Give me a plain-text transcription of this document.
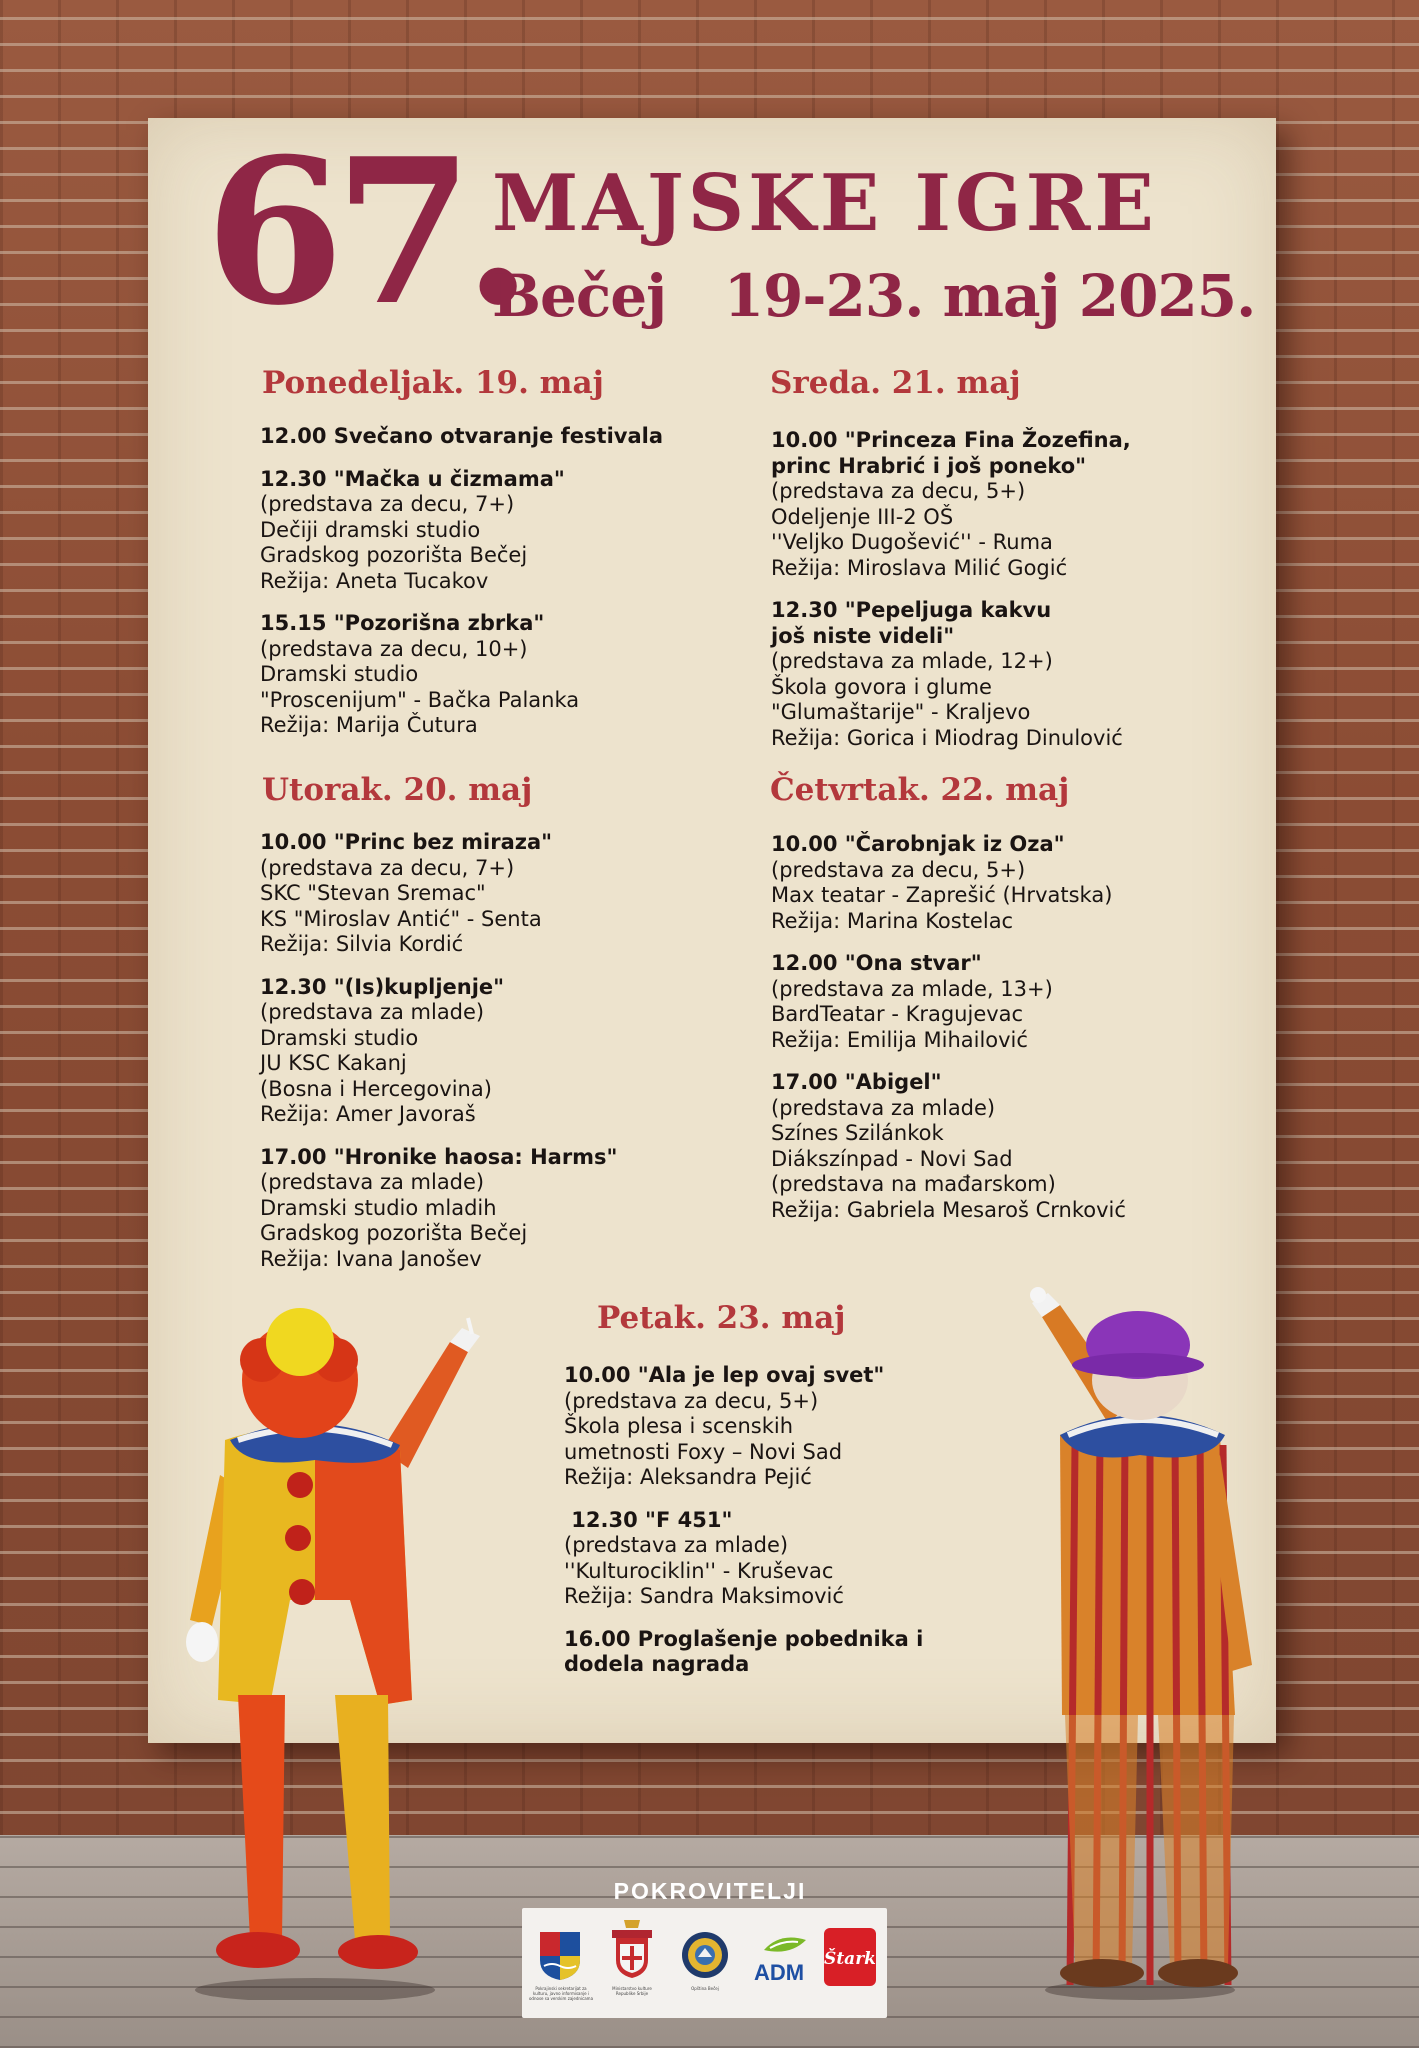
67.
MAJSKE IGRE
Bečej   19-23. maj 2025.
Ponedeljak. 19. maj
Utorak. 20. maj
Sreda. 21. maj
Četvrtak. 22. maj
Petak. 23. maj
12.00 Svečano otvaranje festivala
12.30 "Mačka u čizmama"
(predstava za decu, 7+)
Dečiji dramski studio
Gradskog pozorišta Bečej
Režija: Aneta Tucakov
15.15 "Pozorišna zbrka"
(predstava za decu, 10+)
Dramski studio
"Proscenijum" - Bačka Palanka
Režija: Marija Čutura
10.00 "Princ bez miraza"
(predstava za decu, 7+)
SKC "Stevan Sremac"
KS "Miroslav Antić" - Senta
Režija: Silvia Kordić
12.30 "(Is)kupljenje"
(predstava za mlade)
Dramski studio
JU KSC Kakanj
(Bosna i Hercegovina)
Režija: Amer Javoraš
17.00 "Hronike haosa: Harms"
(predstava za mlade)
Dramski studio mladih
Gradskog pozorišta Bečej
Režija: Ivana Janošev
10.00 "Princeza Fina Žozefina,
princ Hrabrić i još poneko"
(predstava za decu, 5+)
Odeljenje III-2 OŠ
''Veljko Dugošević'' - Ruma
Režija: Miroslava Milić Gogić
12.30 "Pepeljuga kakvu
još niste videli"
(predstava za mlade, 12+)
Škola govora i glume
"Glumaštarije" - Kraljevo
Režija: Gorica i Miodrag Dinulović
10.00 "Čarobnjak iz Oza"
(predstava za decu, 5+)
Max teatar - Zaprešić (Hrvatska)
Režija: Marina Kostelac
12.00 "Ona stvar"
(predstava za mlade, 13+)
BardTeatar - Kragujevac
Režija: Emilija Mihailović
17.00 "Abigel"
(predstava za mlade)
Színes Szilánkok
Diákszínpad - Novi Sad
(predstava na mađarskom)
Režija: Gabriela Mesaroš Crnković
10.00 "Ala je lep ovaj svet"
(predstava za decu, 5+)
Škola plesa i scenskih
umetnosti Foxy – Novi Sad
Režija: Aleksandra Pejić
12.30 "F 451"
(predstava za mlade)
''Kulturociklin'' - Kruševac
Režija: Sandra Maksimović
16.00 Proglašenje pobednika i
dodela nagrada
POKROVITELJI
Pokrajinski sekretarijat za kulturu, javno informisanje i odnose sa verskim zajednicama
Ministarstvo kulture Republike Srbije
Opština Bečej
ADM
Štark
